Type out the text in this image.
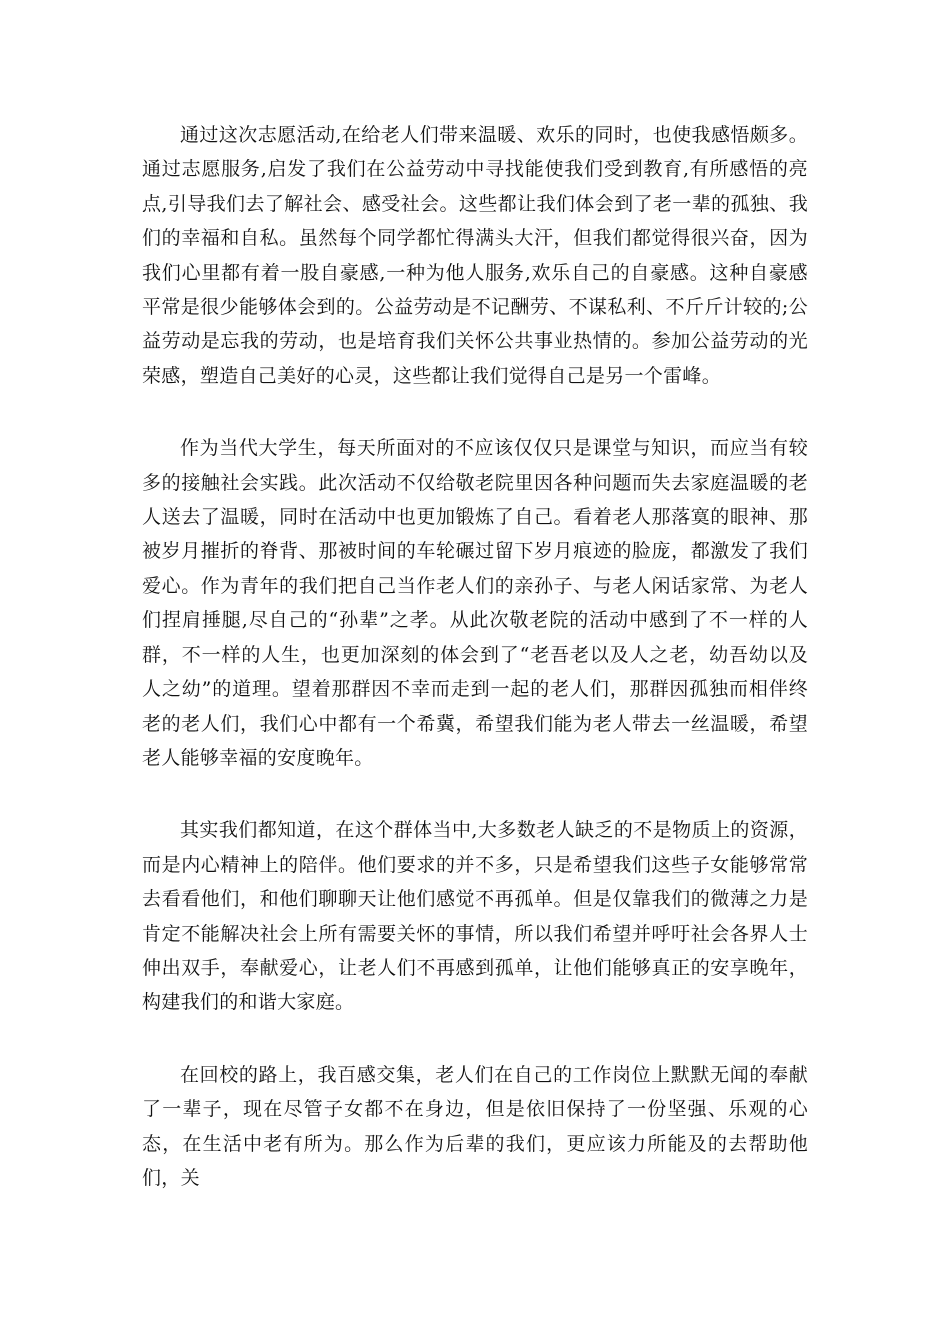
通过这次志愿活动,在给老人们带来温暖、欢乐的同时，也使我感悟颇多。通过志愿服务,启发了我们在公益劳动中寻找能使我们受到教育,有所感悟的亮点,引导我们去了解社会、感受社会。这些都让我们体会到了老一辈的孤独、我们的幸福和自私。虽然每个同学都忙得满头大汗，但我们都觉得很兴奋，因为我们心里都有着一股自豪感,一种为他人服务,欢乐自己的自豪感。这种自豪感平常是很少能够体会到的。公益劳动是不记酬劳、不谋私利、不斤斤计较的;公益劳动是忘我的劳动，也是培育我们关怀公共事业热情的。参加公益劳动的光荣感，塑造自己美好的心灵，这些都让我们觉得自己是另一个雷峰。

作为当代大学生，每天所面对的不应该仅仅只是课堂与知识，而应当有较多的接触社会实践。此次活动不仅给敬老院里因各种问题而失去家庭温暖的老人送去了温暖，同时在活动中也更加锻炼了自己。看着老人那落寞的眼神、那被岁月摧折的脊背、那被时间的车轮碾过留下岁月痕迹的脸庞，都激发了我们爱心。作为青年的我们把自己当作老人们的亲孙子、与老人闲话家常、为老人们捏肩捶腿,尽自己的“孙辈”之孝。从此次敬老院的活动中感到了不一样的人群，不一样的人生，也更加深刻的体会到了“老吾老以及人之老，幼吾幼以及人之幼”的道理。望着那群因不幸而走到一起的老人们，那群因孤独而相伴终老的老人们，我们心中都有一个希冀，希望我们能为老人带去一丝温暖，希望老人能够幸福的安度晚年。

其实我们都知道，在这个群体当中,大多数老人缺乏的不是物质上的资源，而是内心精神上的陪伴。他们要求的并不多，只是希望我们这些子女能够常常去看看他们，和他们聊聊天让他们感觉不再孤单。但是仅靠我们的微薄之力是肯定不能解决社会上所有需要关怀的事情，所以我们希望并呼吁社会各界人士伸出双手，奉献爱心，让老人们不再感到孤单，让他们能够真正的安享晚年，构建我们的和谐大家庭。

在回校的路上，我百感交集，老人们在自己的工作岗位上默默无闻的奉献了一辈子，现在尽管子女都不在身边，但是依旧保持了一份坚强、乐观的心态，在生活中老有所为。那么作为后辈的我们，更应该力所能及的去帮助他们，关
